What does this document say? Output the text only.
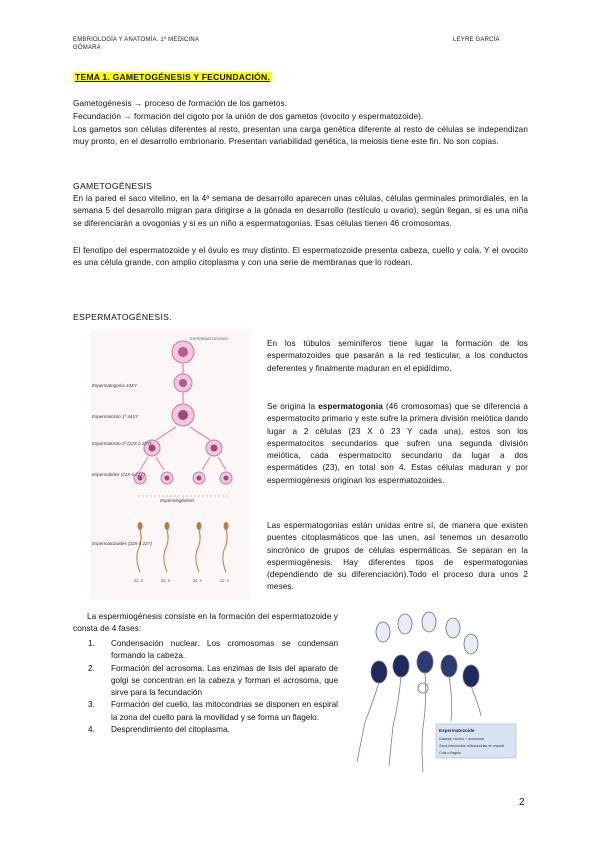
EMBRIOLOGÍA Y ANATOMÍA. 1º MEDICINA
GÓMARA
LEYRE GARCÍA
TEMA 1. GAMETOGÉNESIS Y FECUNDACIÓN.
Gametogénesis → proceso de formación de los gametos.
Fecundación → formación del cigoto por la unión de dos gametos (ovocito y espermatozoide).
Los gametos son células diferentes al resto, presentan una carga genética diferente al resto de células se independizan muy pronto, en el desarrollo embrionario. Presentan variabilidad genética, la meiosis tiene este fin. No son copias.
GAMETOGÉNESIS
En la pared el saco vitelino, en la 4ª semana de desarrollo aparecen unas células, células germinales primordiales, en la semana 5 del desarrollo migran para dirigirse a la gónada en desarrollo (testículo u ovario), según llegan, si es una niña se diferenciarán a ovogonias y si es un niño a espermatogonias. Esas células tienen 46 cromosomas.
El fenotipo del espermatozoide y el óvulo es muy distinto. El espermatozoide presenta cabeza, cuello y cola. Y el ovocito es una célula grande, con amplio citoplasma y con una serie de membranas que lo rodean.
ESPERMATOGÉNESIS.
En los túbulos seminíferos tiene lugar la formación de los espermatozoides que pasarán a la red testicular, a los conductos deferentes y finalmente maduran en el epidídimo.
Se origina la espermatogonia (46 cromosomas) que se diferencia a espermatocito primario y este sufre la primera división meiótica dando lugar a 2 células (23 X ó 23 Y cada una), estos son los espermatocitos secundarios que sufren una segunda división meiótica, cada espermatocito secundario da lugar a dos espermátides (23), en total son 4. Estas células maduran y por espermiogénesis originan los espermatozoides.
Las espermatogonias están unidas entre sí, de manera que existen puentes citoplasmáticos que las unen, así tenemos un desarrollo sincrónico de grupos de células espermáticas. Se separan en la espermiogénesis. Hay diferentes tipos de espermatogonias (dependiendo de su diferenciación).Todo el proceso dura unos 2 meses.
ESPERMATOGONIO
Espermatogonia 44XY
Espermatocito 1º 44XY
Espermatocito 2º (22X ó 22Y)
Espermátides (22X ó 22Y)
Espermiogénesis
Espermatozoides (22X ó 22Y)
22, X	22, X	22, Y	22, Y
La espermiogénesis consiste en la formación del espermatozoide y consta de 4 fases:
1. Condensación nuclear. Los cromosomas se condensan formando la cabeza.
2. Formación del acrosoma. Las enzimas de lisis del aparato de golgi se concentran en la cabeza y forman el acrosoma, que sirve para la fecundación
3. Formación del cuello, las mitocondrias se disponen en espiral la zona del cuello para la movilidad y se forma un flagelo.
4. Desprendimiento del citoplasma.	Espermatozoide
Cabeza: núcleo + acrosoma
Zona intermedia: mitocondrias en espiral
Cola o flagelo
2
